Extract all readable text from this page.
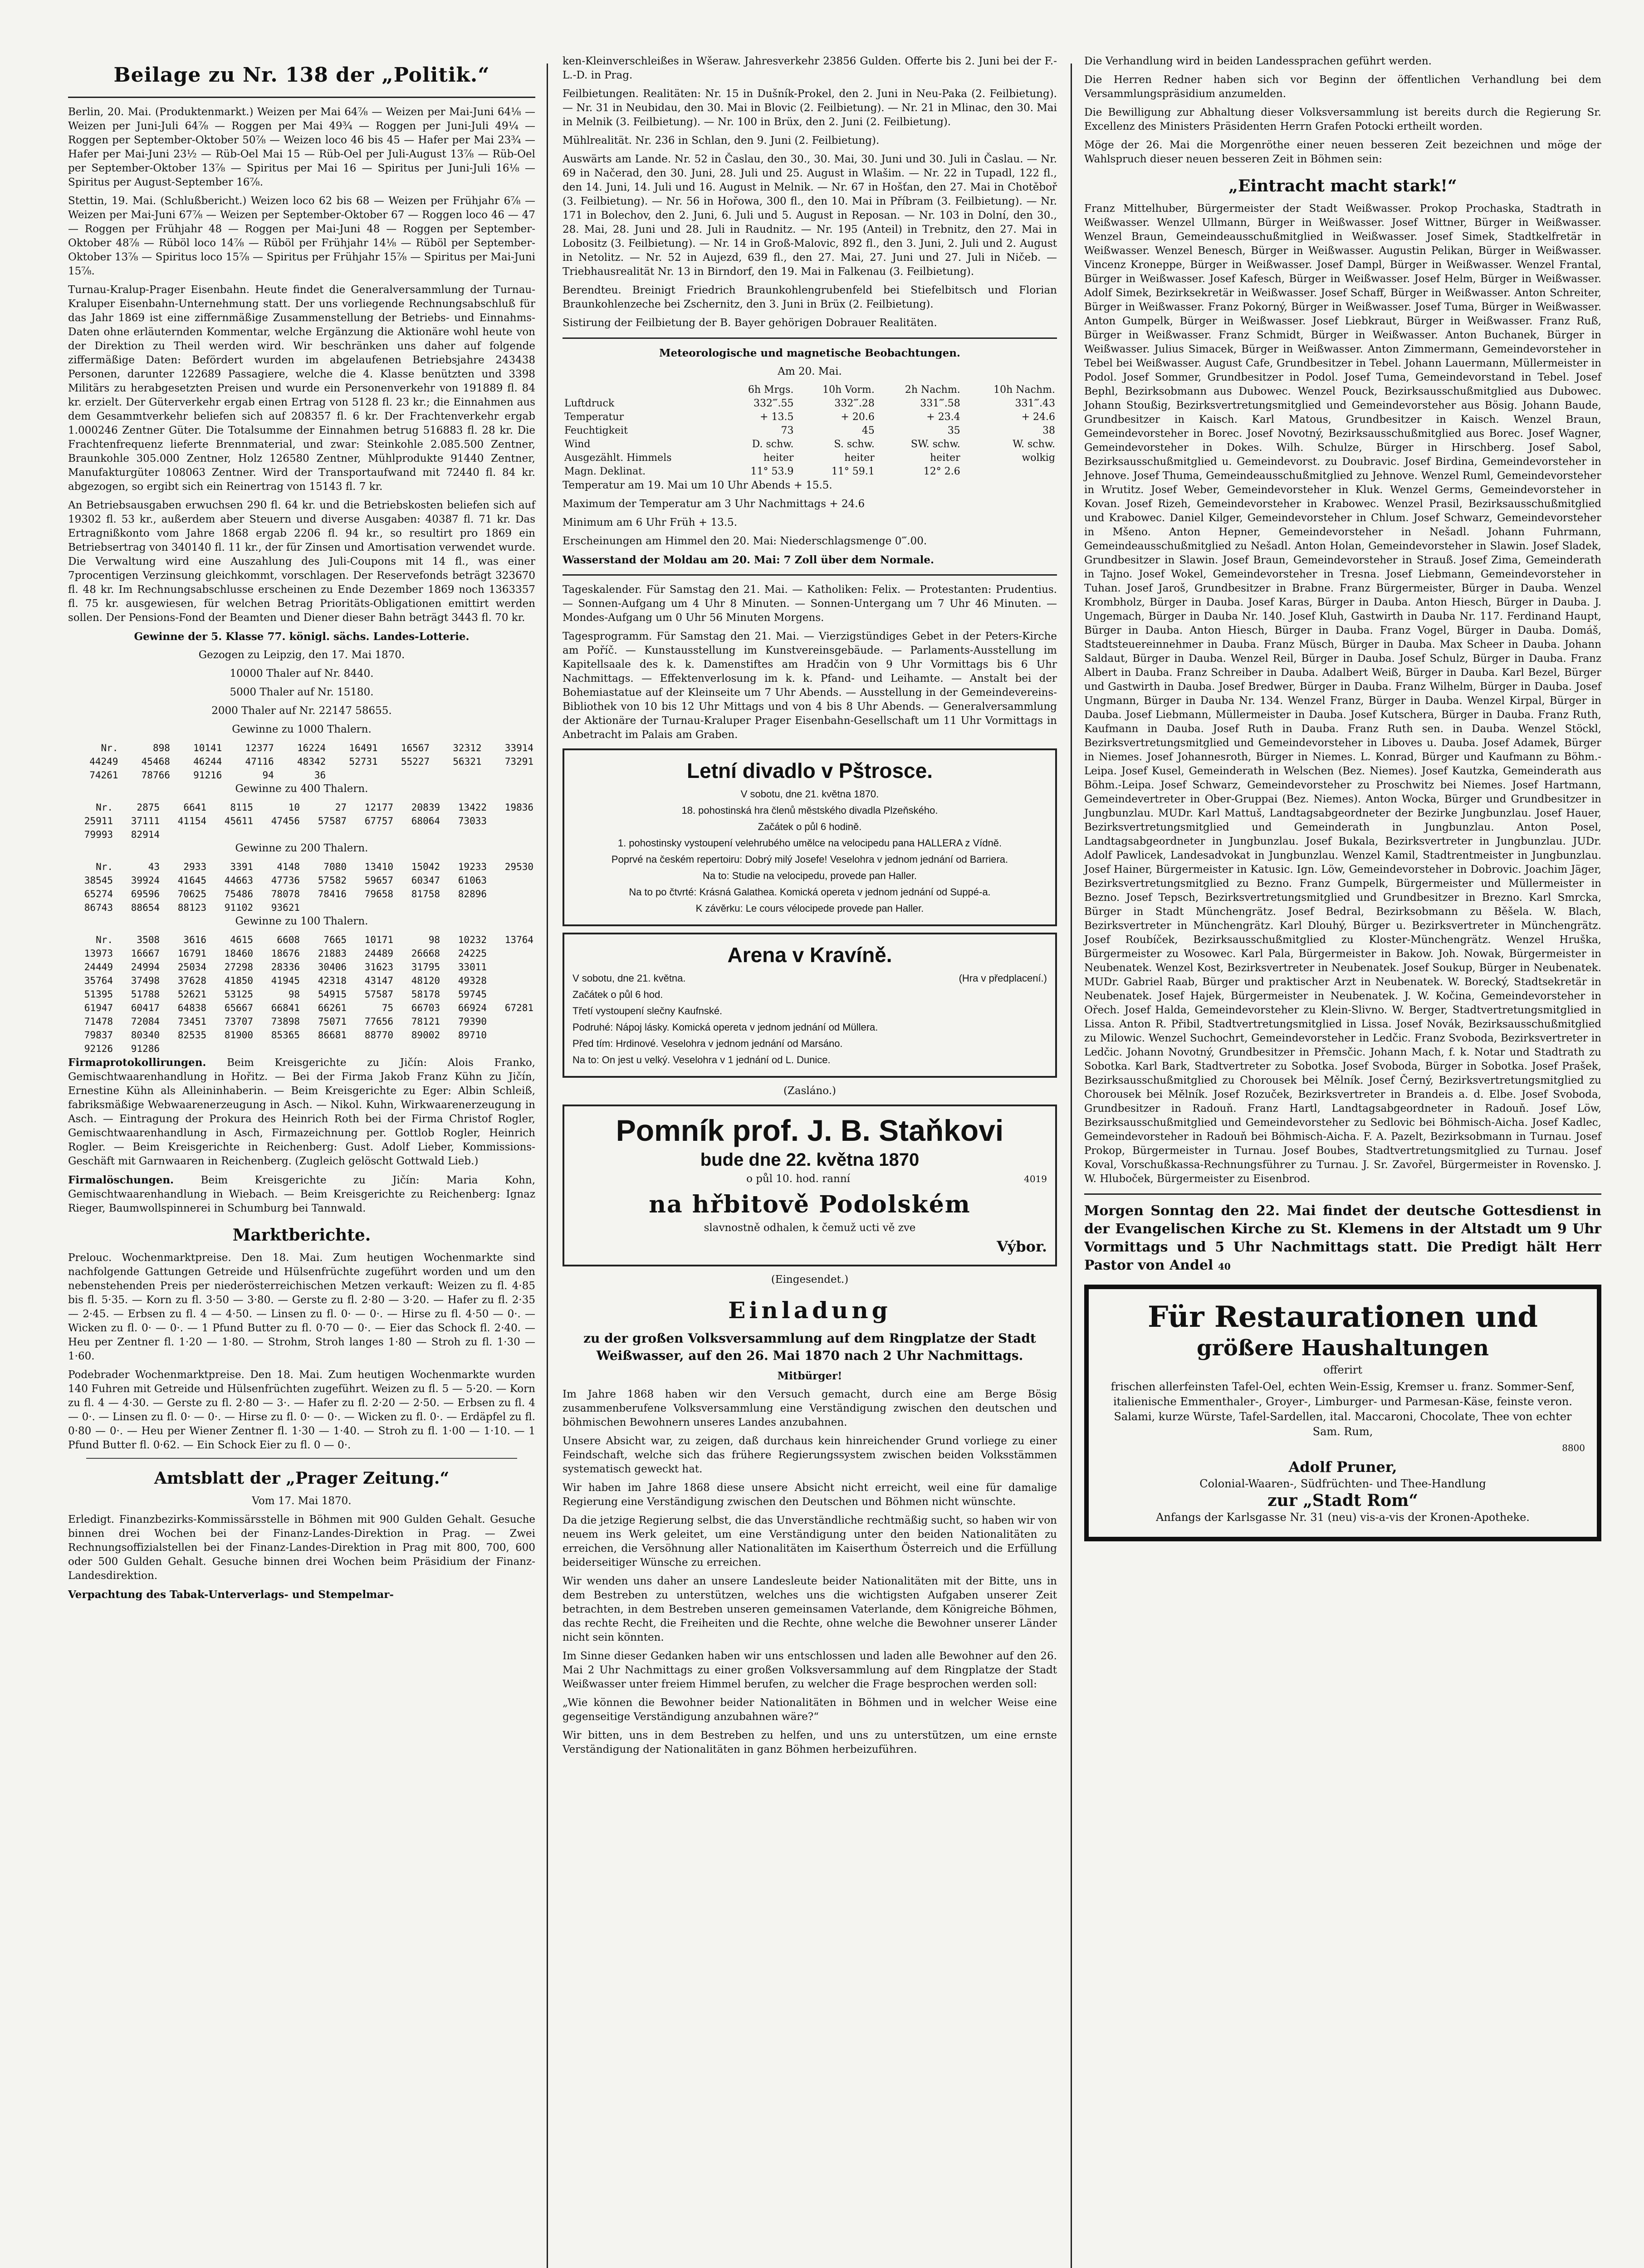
Beilage zu Nr. 138 der „Politik.“

Berlin, 20. Mai. (Produktenmarkt.) Weizen per Mai 64⅞ — Weizen per Mai-Juni 64⅛ — Weizen per Juni-Juli 64⅞ — Roggen per Mai 49¾ — Roggen per Juni-Juli 49¼ — Roggen per September-Oktober 50⅞ — Weizen loco 46 bis 45 — Hafer per Mai 23¾ — Hafer per Mai-Juni 23½ — Rüb-Oel Mai 15 — Rüb-Oel per Juli-August 13⅞ — Rüb-Oel per September-Oktober 13⅞ — Spiritus per Mai 16 — Spiritus per Juni-Juli 16⅛ — Spiritus per August-September 16⅞.

Stettin, 19. Mai. (Schlußbericht.) Weizen loco 62 bis 68 — Weizen per Frühjahr 6⅞ — Weizen per Mai-Juni 67⅞ — Weizen per September-Oktober 67 — Roggen loco 46 — 47 — Roggen per Frühjahr 48 — Roggen per Mai-Juni 48 — Roggen per September-Oktober 48⅞ — Rüböl loco 14⅞ — Rüböl per Frühjahr 14⅛ — Rüböl per September-Oktober 13⅞ — Spiritus loco 15⅞ — Spiritus per Frühjahr 15⅞ — Spiritus per Mai-Juni 15⅞.

Turnau-Kralup-Prager Eisenbahn. Heute findet die Generalversammlung der Turnau-Kraluper Eisenbahn-Unternehmung statt. Der uns vorliegende Rechnungsabschluß für das Jahr 1869 ist eine ziffernmäßige Zusammenstellung der Betriebs- und Einnahms-Daten ohne erläuternden Kommentar, welche Ergänzung die Aktionäre wohl heute von der Direktion zu Theil werden wird. Wir beschränken uns daher auf folgende ziffermäßige Daten: Befördert wurden im abgelaufenen Betriebsjahre 243438 Personen, darunter 122689 Passagiere, welche die 4. Klasse benützten und 3398 Militärs zu herabgesetzten Preisen und wurde ein Personenverkehr von 191889 fl. 84 kr. erzielt. Der Güterverkehr ergab einen Ertrag von 5128 fl. 23 kr.; die Einnahmen aus dem Gesammtverkehr beliefen sich auf 208357 fl. 6 kr. Der Frachtenverkehr ergab 1.000246 Zentner Güter. Die Totalsumme der Einnahmen betrug 516883 fl. 28 kr. Die Frachtenfrequenz lieferte Brennmaterial, und zwar: Steinkohle 2.085.500 Zentner, Braunkohle 305.000 Zentner, Holz 126580 Zentner, Mühlprodukte 91440 Zentner, Manufakturgüter 108063 Zentner. Wird der Transportaufwand mit 72440 fl. 84 kr. abgezogen, so ergibt sich ein Reinertrag von 15143 fl. 7 kr.

An Betriebsausgaben erwuchsen 290 fl. 64 kr. und die Betriebskosten beliefen sich auf 19302 fl. 53 kr., außerdem aber Steuern und diverse Ausgaben: 40387 fl. 71 kr. Das Ertragnißkonto vom Jahre 1868 ergab 2206 fl. 94 kr., so resultirt pro 1869 ein Betriebsertrag von 340140 fl. 11 kr., der für Zinsen und Amortisation verwendet wurde. Die Verwaltung wird eine Auszahlung des Juli-Coupons mit 14 fl., was einer 7procentigen Verzinsung gleichkommt, vorschlagen. Der Reservefonds beträgt 323670 fl. 48 kr. Im Rechnungsabschlusse erscheinen zu Ende Dezember 1869 noch 1363357 fl. 75 kr. ausgewiesen, für welchen Betrag Prioritäts-Obligationen emittirt werden sollen. Der Pensions-Fond der Beamten und Diener dieser Bahn beträgt 3443 fl. 70 kr.

Gewinne der 5. Klasse 77. königl. sächs. Landes-Lotterie.

Gezogen zu Leipzig, den 17. Mai 1870.

10000 Thaler auf Nr. 8440.

5000 Thaler auf Nr. 15180.

2000 Thaler auf Nr. 22147 58655.

Gewinne zu 1000 Thalern.

Nr.	898	10141	12377	16224	16491	16567	32312	33914
44249	45468	46244	47116	48342	52731	55227	56321	73291
74261	78766	91216	94	36				

Gewinne zu 400 Thalern.

Nr.	2875	6641	8115	10	27	12177	20839	13422	19836
25911	37111	41154	45611	47456	57587	67757	68064	73033	
79993	82914								

Gewinne zu 200 Thalern.

Nr.	43	2933	3391	4148	7080	13410	15042	19233	29530
38545	39924	41645	44663	47736	57582	59657	60347	61063	
65274	69596	70625	75486	78078	78416	79658	81758	82896	
86743	88654	88123	91102	93621					

Gewinne zu 100 Thalern.

Nr.	3508	3616	4615	6608	7665	10171	98	10232	13764
13973	16667	16791	18460	18676	21883	24489	26668	24225	
24449	24994	25034	27298	28336	30406	31623	31795	33011	
35764	37498	37628	41850	41945	42318	43147	48120	49328	
51395	51788	52621	53125	98	54915	57587	58178	59745	
61947	60417	64838	65667	66841	66261	75	66703	66924	67281
71478	72084	73451	73707	73898	75071	77656	78121	79390	
79837	80340	82535	81900	85365	86681	88770	89002	89710	
92126	91286								

Firmaprotokollirungen. Beim Kreisgerichte zu Jičín: Alois Franko, Gemischtwaarenhandlung in Hořitz. — Bei der Firma Jakob Franz Kühn zu Jičín, Ernestine Kühn als Alleininhaberin. — Beim Kreisgerichte zu Eger: Albin Schleiß, fabriksmäßige Webwaarenerzeugung in Asch. — Nikol. Kuhn, Wirkwaarenerzeugung in Asch. — Eintragung der Prokura des Heinrich Roth bei der Firma Christof Rogler, Gemischtwaarenhandlung in Asch, Firmazeichnung per. Gottlob Rogler, Heinrich Rogler. — Beim Kreisgerichte in Reichenberg: Gust. Adolf Lieber, Kommissions-Geschäft mit Garnwaaren in Reichenberg. (Zugleich gelöscht Gottwald Lieb.)

Firmalöschungen.	Beim Kreisgerichte zu Jičín: Maria Kohn, Gemischtwaarenhandlung in Wiebach. — Beim Kreisgerichte zu Reichenberg: Ignaz Rieger, Baumwollspinnerei in Schumburg bei Tannwald.

Marktberichte.

Prelouc. Wochenmarktpreise. Den 18. Mai. Zum heutigen Wochenmarkte sind nachfolgende Gattungen Getreide und Hülsenfrüchte zugeführt worden und um den nebenstehenden Preis per niederösterreichischen Metzen verkauft: Weizen zu fl. 4·85 bis fl. 5·35. — Korn zu fl. 3·50 — 3·80. — Gerste zu fl. 2·80 — 3·20. — Hafer zu fl. 2·35 — 2·45. — Erbsen zu fl. 4 — 4·50. — Linsen zu fl. 0· — 0·. — Hirse zu fl. 4·50 — 0·. — Wicken zu fl. 0· — 0·. — 1 Pfund Butter zu fl. 0·70 — 0·. — Eier das Schock fl. 2·40. — Heu per Zentner fl. 1·20 — 1·80. — Strohm, Stroh langes 1·80 — Stroh zu fl. 1·30 — 1·60.

Podebrader Wochenmarktpreise. Den 18. Mai. Zum heutigen Wochenmarkte wurden 140 Fuhren mit Getreide und Hülsenfrüchten zugeführt. Weizen zu fl. 5 — 5·20. — Korn zu fl. 4 — 4·30. — Gerste zu fl. 2·80 — 3·. — Hafer zu fl. 2·20 — 2·50. — Erbsen zu fl. 4 — 0·. — Linsen zu fl. 0· — 0·. — Hirse zu fl. 0· — 0·. — Wicken zu fl. 0·. — Erdäpfel zu fl. 0·80 — 0·. — Heu per Wiener Zentner fl. 1·30 — 1·40. — Stroh zu fl. 1·00 — 1·10. — 1 Pfund Butter fl. 0·62. — Ein Schock Eier zu fl. 0 — 0·.

Amtsblatt der „Prager Zeitung.“

Vom 17. Mai 1870.

Erledigt. Finanzbezirks-Kommissärsstelle in Böhmen mit 900 Gulden Gehalt. Gesuche binnen drei Wochen bei der Finanz-Landes-Direktion in Prag. — Zwei Rechnungsoffizialstellen bei der Finanz-Landes-Direktion in Prag mit 800, 700, 600 oder 500 Gulden Gehalt. Gesuche binnen drei Wochen beim Präsidium der Finanz-Landesdirektion.

Verpachtung des Tabak-Unterverlags- und Stempelmar-

ken-Kleinverschleißes in Wšeraw. Jahresverkehr 23856 Gulden. Offerte bis 2. Juni bei der F.-L.-D. in Prag.

Feilbietungen. Realitäten: Nr. 15 in Dušník-Prokel, den 2. Juni in Neu-Paka (2. Feilbietung). — Nr. 31 in Neubidau, den 30. Mai in Blovic (2. Feilbietung). — Nr. 21 in Mlinac, den 30. Mai in Melnik (3. Feilbietung). — Nr. 100 in Brüx, den 2. Juni (2. Feilbietung).

Mühlrealität. Nr. 236 in Schlan, den 9. Juni (2. Feilbietung).

Auswärts am Lande. Nr. 52 in Časlau, den 30., 30. Mai, 30. Juni und 30. Juli in Časlau. — Nr. 69 in Načerad, den 30. Juni, 28. Juli und 25. August in Wlašim. — Nr. 22 in Tupadl, 122 fl., den 14. Juni, 14. Juli und 16. August in Melnik. — Nr. 67 in Hošťan, den 27. Mai in Chotěboř (3. Feilbietung). — Nr. 56 in Hořowa, 300 fl., den 10. Mai in Příbram (3. Feilbietung). — Nr. 171 in Bolechov, den 2. Juni, 6. Juli und 5. August in Reposan. — Nr. 103 in Dolní, den 30., 28. Mai, 28. Juni und 28. Juli in Raudnitz. — Nr. 195 (Anteil) in Trebnitz, den 27. Mai in Lobositz (3. Feilbietung). — Nr. 14 in Groß-Malovic, 892 fl., den 3. Juni, 2. Juli und 2. August in Netolitz. — Nr. 52 in Aujezd, 639 fl., den 27. Mai, 27. Juni und 27. Juli in Ničeb. — Triebhausrealität Nr. 13 in Birndorf, den 19. Mai in Falkenau (3. Feilbietung).

Berendteu. Breinigt Friedrich Braunkohlengrubenfeld bei Stiefelbitsch und Florian Braunkohlenzeche bei Zschernitz, den 3. Juni in Brüx (2. Feilbietung).

Sistirung der Feilbietung der B. Bayer gehörigen Dobrauer Realitäten.

Meteorologische und magnetische Beobachtungen.

Am 20. Mai.

	6h Mrgs.	10h Vorm.	2h Nachm.	10h Nachm.
Luftdruck	332‴.55	332‴.28	331‴.58	331‴.43
Temperatur	+ 13.5	+ 20.6	+ 23.4	+ 24.6
Feuchtigkeit	73	45	35	38
Wind	D. schw.	S. schw.	SW. schw.	W. schw.
Ausgezählt. Himmels	heiter	heiter	heiter	wolkig
Magn. Deklinat.	11° 53.9	11° 59.1	12° 2.6	

Temperatur am 19. Mai um 10 Uhr Abends + 15.5.

Maximum der Temperatur am 3 Uhr Nachmittags + 24.6

Minimum am 6 Uhr Früh + 13.5.

Erscheinungen am Himmel den 20. Mai: Niederschlagsmenge 0‴.00.

Wasserstand der Moldau am 20. Mai: 7 Zoll über dem Normale.

Tageskalender. Für Samstag den 21. Mai. — Katholiken: Felix. — Protestanten: Prudentius. — Sonnen-Aufgang um 4 Uhr 8 Minuten. — Sonnen-Untergang um 7 Uhr 46 Minuten. — Mondes-Aufgang um 0 Uhr 56 Minuten Morgens.

Tagesprogramm. Für Samstag den 21. Mai. — Vierzigstündiges Gebet in der Peters-Kirche am Poříč. — Kunstausstellung im Kunstvereinsgebäude. — Parlaments-Ausstellung im Kapitellsaale des k. k. Damenstiftes am Hradčin von 9 Uhr Vormittags bis 6 Uhr Nachmittags. — Effektenverlosung im k. k. Pfand- und Leihamte. — Anstalt bei der Bohemiastatue auf der Kleinseite um 7 Uhr Abends. — Ausstellung in der Gemeindevereins-Bibliothek von 10 bis 12 Uhr Mittags und von 4 bis 8 Uhr Abends. — Generalversammlung der Aktionäre der Turnau-Kraluper Prager Eisenbahn-Gesellschaft um 11 Uhr Vormittags in Anbetracht im Palais am Graben.

Letní divadlo v Pštrosce.

V sobotu, dne 21. května 1870.

18. pohostinská hra členů městského divadla Plzeňského.

Začátek o půl 6 hodině.

1. pohostinsky vystoupení velehrubého umělce na velocipedu pana HALLERA z Vídně.

Poprvé na českém repertoiru: Dobrý milý Josefe! Veselohra v jednom jednání od Barriera.

Na to: Studie na velocipedu, provede pan Haller.

Na to po čtvrté: Krásná Galathea. Komická opereta v jednom jednání od Suppé-a.

K závěrku: Le cours vélocipede provede pan Haller.

Arena v Kravíně.

V sobotu, dne 21. května.	(Hra v předplacení.)

Začátek o půl 6 hod.

Třetí vystoupení slečny Kaufnské.

Podruhé: Nápoj lásky. Komická opereta v jednom jednání od Müllera.

Před tím: Hrdinové. Veselohra v jednom jednání od Marsáno.

Na to: On jest u velký. Veselohra v 1 jednání od L. Dunice.

(Zasláno.)

Pomník prof. J. B. Staňkovi
bude dne 22. května 1870

o půl 10. hod. ranní	4019

na hřbitově Podolském

slavnostně odhalen, k čemuž ucti vě zve

Výbor.

(Eingesendet.)

Einladung

zu der großen Volksversammlung auf dem Ringplatze der Stadt Weißwasser, auf den 26. Mai 1870 nach 2 Uhr Nachmittags.

Mitbürger!

Im Jahre 1868 haben wir den Versuch gemacht, durch eine am Berge Bösig zusammenberufene Volksversammlung eine Verständigung zwischen den deutschen und böhmischen Bewohnern unseres Landes anzubahnen.

Unsere Absicht war, zu zeigen, daß durchaus kein hinreichender Grund vorliege zu einer Feindschaft, welche sich das frühere Regierungssystem zwischen beiden Volksstämmen systematisch geweckt hat.

Wir haben im Jahre 1868 diese unsere Absicht nicht erreicht, weil eine für damalige Regierung eine Verständigung zwischen den Deutschen und Böhmen nicht wünschte.

Da die jetzige Regierung selbst, die das Unverständliche rechtmäßig sucht, so haben wir von neuem ins Werk geleitet, um eine Verständigung unter den beiden Nationalitäten zu erreichen, die Versöhnung aller Nationalitäten im Kaiserthum Österreich und die Erfüllung beiderseitiger Wünsche zu erreichen.

Wir wenden uns daher an unsere Landesleute beider Nationalitäten mit der Bitte, uns in dem Bestreben zu unterstützen, welches uns die wichtigsten Aufgaben unserer Zeit betrachten, in dem Bestreben unseren gemeinsamen Vaterlande, dem Königreiche Böhmen, das rechte Recht, die Freiheiten und die Rechte, ohne welche die Bewohner unserer Länder nicht sein könnten.

Im Sinne dieser Gedanken haben wir uns entschlossen und laden alle Bewohner auf den 26. Mai 2 Uhr Nachmittags zu einer großen Volksversammlung auf dem Ringplatze der Stadt Weißwasser unter freiem Himmel berufen, zu welcher die Frage besprochen werden soll:

„Wie können die Bewohner beider Nationalitäten in Böhmen und in welcher Weise eine gegenseitige Verständigung anzubahnen wäre?“

Wir bitten, uns in dem Bestreben zu helfen, und uns zu unterstützen, um eine ernste Verständigung der Nationalitäten in ganz Böhmen herbeizuführen.

Die Verhandlung wird in beiden Landessprachen geführt werden.

Die Herren Redner haben sich vor Beginn der öffentlichen Verhandlung bei dem Versammlungspräsidium anzumelden.

Die Bewilligung zur Abhaltung dieser Volksversammlung ist bereits durch die Regierung Sr. Excellenz des Ministers Präsidenten Herrn Grafen Potocki ertheilt worden.

Möge der 26. Mai die Morgenröthe einer neuen besseren Zeit bezeichnen und möge der Wahlspruch dieser neuen besseren Zeit in Böhmen sein:

„Eintracht macht stark!“

Franz Mittelhuber, Bürgermeister der Stadt Weißwasser. Prokop Prochaska, Stadtrath in Weißwasser. Wenzel Ullmann, Bürger in Weißwasser. Josef Wittner, Bürger in Weißwasser. Wenzel Braun, Gemeindeausschußmitglied in Weißwasser. Josef Simek, Stadtkelfretär in Weißwasser. Wenzel Benesch, Bürger in Weißwasser. Augustin Pelikan, Bürger in Weißwasser. Vincenz Kroneppe, Bürger in Weißwasser. Josef Dampl, Bürger in Weißwasser. Wenzel Frantal, Bürger in Weißwasser. Josef Kafesch, Bürger in Weißwasser. Josef Helm, Bürger in Weißwasser. Adolf Simek, Bezirksekretär in Weißwasser. Josef Schaff, Bürger in Weißwasser. Anton Schreiter, Bürger in Weißwasser. Franz Pokorný, Bürger in Weißwasser. Josef Tuma, Bürger in Weißwasser. Anton Gumpelk, Bürger in Weißwasser. Josef Liebkraut, Bürger in Weißwasser. Franz Ruß, Bürger in Weißwasser. Franz Schmidt, Bürger in Weißwasser. Anton Buchanek, Bürger in Weißwasser. Julius Simacek, Bürger in Weißwasser. Anton Zimmermann, Gemeindevorsteher in Tebel bei Weißwasser. August Cafe, Grundbesitzer in Tebel. Johann Lauermann, Müllermeister in Podol. Josef Sommer, Grundbesitzer in Podol. Josef Tuma, Gemeindevorstand in Tebel. Josef Bephl, Bezirksobmann aus Dubowec. Wenzel Pouck, Bezirksausschußmitglied aus Dubowec. Johann Stoußig, Bezirksvertretungsmitglied und Gemeindevorsteher aus Bösig. Johann Baude, Grundbesitzer in Kaisch. Karl Matous, Grundbesitzer in Kaisch. Wenzel Braun, Gemeindevorsteher in Borec. Josef Novotný, Bezirksausschußmitglied aus Borec. Josef Wagner, Gemeindevorsteher in Dokes. Wilh. Schulze, Bürger in Hirschberg. Josef Sabol, Bezirksausschußmitglied u. Gemeindevorst. zu Doubravic. Josef Birdina, Gemeindevorsteher in Jehnove. Josef Thuma, Gemeindeausschußmitglied zu Jehnove. Wenzel Ruml, Gemeindevorsteher in Wrutitz. Josef Weber, Gemeindevorsteher in Kluk. Wenzel Germs, Gemeindevorsteher in Kovan. Josef Rizeh, Gemeindevorsteher in Krabowec. Wenzel Prasil, Bezirksausschußmitglied und Krabowec. Daniel Kilger, Gemeindevorsteher in Chlum. Josef Schwarz, Gemeindevorsteher in Mšeno. Anton Hepner, Gemeindevorsteher in Nešadl. Johann Fuhrmann, Gemeindeausschußmitglied zu Nešadl. Anton Holan, Gemeindevorsteher in Slawin. Josef Sladek, Grundbesitzer in Slawin. Josef Braun, Gemeindevorsteher in Strauß. Josef Zima, Gemeinderath in Tajno. Josef Wokel, Gemeindevorsteher in Tresna. Josef Liebmann, Gemeindevorsteher in Tuhan. Josef Jaroš, Grundbesitzer in Brabne. Franz Bürgermeister, Bürger in Dauba. Wenzel Krombholz, Bürger in Dauba. Josef Karas, Bürger in Dauba. Anton Hiesch, Bürger in Dauba. J. Ungemach, Bürger in Dauba Nr. 140. Josef Kluh, Gastwirth in Dauba Nr. 117. Ferdinand Haupt, Bürger in Dauba. Anton Hiesch, Bürger in Dauba. Franz Vogel, Bürger in Dauba. Domáš, Stadtsteuereinnehmer in Dauba. Franz Müsch, Bürger in Dauba. Max Scheer in Dauba. Johann Saldaut, Bürger in Dauba. Wenzel Reil, Bürger in Dauba. Josef Schulz, Bürger in Dauba. Franz Albert in Dauba. Franz Schreiber in Dauba. Adalbert Weiß, Bürger in Dauba. Karl Bezel, Bürger und Gastwirth in Dauba. Josef Bredwer, Bürger in Dauba. Franz Wilhelm, Bürger in Dauba. Josef Ungmann, Bürger in Dauba Nr. 134. Wenzel Franz, Bürger in Dauba. Wenzel Kirpal, Bürger in Dauba. Josef Liebmann, Müllermeister in Dauba. Josef Kutschera, Bürger in Dauba. Franz Ruth, Kaufmann in Dauba. Josef Ruth in Dauba. Franz Ruth sen. in Dauba. Wenzel Stöckl, Bezirksvertretungsmitglied und Gemeindevorsteher in Liboves u. Dauba. Josef Adamek, Bürger in Niemes. Josef Johannesroth, Bürger in Niemes. L. Konrad, Bürger und Kaufmann zu Böhm.-Leipa. Josef Kusel, Gemeinderath in Welschen (Bez. Niemes). Josef Kautzka, Gemeinderath aus Böhm.-Leipa. Josef Schwarz, Gemeindevorsteher zu Proschwitz bei Niemes. Josef Hartmann, Gemeindevertreter in Ober-Gruppai (Bez. Niemes). Anton Wocka, Bürger und Grundbesitzer in Jungbunzlau. MUDr. Karl Mattuš, Landtagsabgeordneter der Bezirke Jungbunzlau. Josef Hauer, Bezirksvertretungsmitglied und Gemeinderath in Jungbunzlau. Anton Posel, Landtagsabgeordneter in Jungbunzlau. Josef Bukala, Bezirksvertreter in Jungbunzlau. JUDr. Adolf Pawlicek, Landesadvokat in Jungbunzlau. Wenzel Kamil, Stadtrentmeister in Jungbunzlau. Josef Hainer, Bürgermeister in Katusic. Ign. Löw, Gemeindevorsteher in Dobrovic. Joachim Jäger, Bezirksvertretungsmitglied zu Bezno. Franz Gumpelk, Bürgermeister und Müllermeister in Bezno. Josef Tepsch, Bezirksvertretungsmitglied und Grundbesitzer in Brezno. Karl Smrcka, Bürger in Stadt Münchengrätz. Josef Bedral, Bezirksobmann zu Běšela. W. Blach, Bezirksvertreter in Münchengrätz. Karl Dlouhý, Bürger u. Bezirksvertreter in Münchengrätz. Josef Roubíček, Bezirksausschußmitglied zu Kloster-Münchengrätz. Wenzel Hruška, Bürgermeister zu Wosowec. Karl Pala, Bürgermeister in Bakow. Joh. Nowak, Bürgermeister in Neubenatek. Wenzel Kost, Bezirksvertreter in Neubenatek. Josef Soukup, Bürger in Neubenatek. MUDr. Gabriel Raab, Bürger und praktischer Arzt in Neubenatek. W. Borecký, Stadtsekretär in Neubenatek. Josef Hajek, Bürgermeister in Neubenatek. J. W. Kočina, Gemeindevorsteher in Ořech. Josef Halda, Gemeindevorsteher zu Klein-Slivno. W. Berger, Stadtvertretungsmitglied in Lissa. Anton R. Přibil, Stadtvertretungsmitglied in Lissa. Josef Novák, Bezirksausschußmitglied zu Milowic. Wenzel Suchochrt, Gemeindevorsteher in Ledčic. Franz Svoboda, Bezirksvertreter in Ledčic. Johann Novotný, Grundbesitzer in Přemsčic. Johann Mach, f. k. Notar und Stadtrath zu Sobotka. Karl Bark, Stadtvertreter zu Sobotka. Josef Svoboda, Bürger in Sobotka. Josef Prašek, Bezirksausschußmitglied zu Chorousek bei Mělník. Josef Černý, Bezirksvertretungsmitglied zu Chorousek bei Mělník. Josef Rozuček, Bezirksvertreter in Brandeis a. d. Elbe. Josef Svoboda, Grundbesitzer in Radouň. Franz Hartl, Landtagsabgeordneter in Radouň. Josef Löw, Bezirksausschußmitglied und Gemeindevorsteher zu Sedlovic bei Böhmisch-Aicha. Josef Kadlec, Gemeindevorsteher in Radouň bei Böhmisch-Aicha. F. A. Pazelt, Bezirksobmann in Turnau. Josef Prokop, Bürgermeister in Turnau. Josef Boubes, Stadtvertretungsmitglied zu Turnau. Josef Koval, Vorschußkassa-Rechnungsführer zu Turnau. J. Sr. Zavořel, Bürgermeister in Rovensko. J. W. Hluboček, Bürgermeister zu Eisenbrod.

Morgen Sonntag den 22. Mai findet der deutsche Gottesdienst in der Evangelischen Kirche zu St. Klemens in der Altstadt um 9 Uhr Vormittags und 5 Uhr Nachmittags statt. Die Predigt hält Herr Pastor von Andel 40

Für Restaurationen und
größere Haushaltungen

offerirt

frischen allerfeinsten Tafel-Oel, echten Wein-Essig, Kremser u. franz. Sommer-Senf, italienische Emmenthaler-, Groyer-, Limburger- und Parmesan-Käse, feinste veron. Salami, kurze Würste, Tafel-Sardellen, ital. Maccaroni, Chocolate, Thee von echter Sam. Rum,

8800

Adolf Pruner,

Colonial-Waaren-, Südfrüchten- und Thee-Handlung

zur „Stadt Rom“

Anfangs der Karlsgasse Nr. 31 (neu) vis-a-vis der Kronen-Apotheke.
